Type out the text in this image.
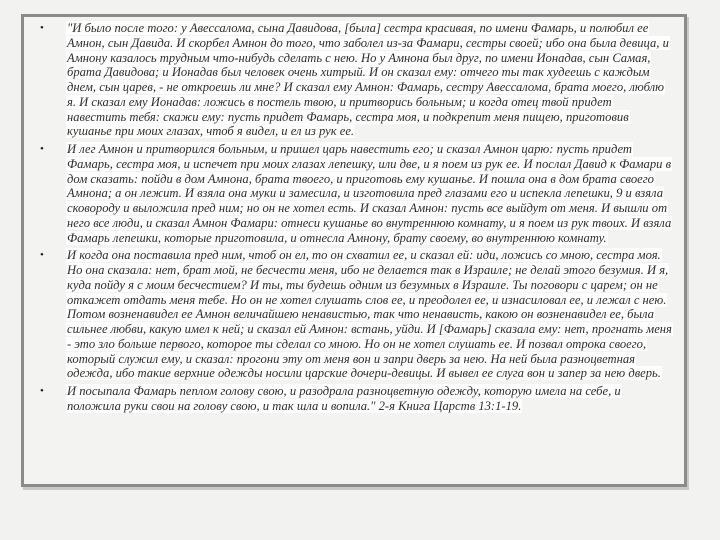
•	"И было после того: у Авессалома, сына Давидова, [была] сестра красивая, по имени Фамарь, и полюбил ее Амнон, сын Давида. И скорбел Амнон до того, что заболел из-за Фамари, сестры своей; ибо она была девица, и Амнону казалось трудным что-нибудь сделать с нею. Но у Амнона был друг, по имени Ионадав, сын Самая, брата Давидова; и Ионадав был человек очень хитрый. И он сказал ему: отчего ты так худеешь с каждым днем, сын царев, - не откроешь ли мне? И сказал ему Амнон: Фамарь, сестру Авессалома, брата моего, люблю я. И сказал ему Ионадав: ложись в постель твою, и притворись больным; и когда отец твой придет навестить тебя: скажи ему: пусть придет Фамарь, сестра моя, и подкрепит меня пищею, приготовив кушанье при моих глазах, чтоб я видел, и ел из рук ее.
•	И лег Амнон и притворился больным, и пришел царь навестить его; и сказал Амнон царю: пусть придет Фамарь, сестра моя, и испечет при моих глазах лепешку, или две, и я поем из рук ее. И послал Давид к Фамари в дом сказать: пойди в дом Амнона, брата твоего, и приготовь ему кушанье. И пошла она в дом брата своего Амнона; а он лежит. И взяла она муки и замесила, и изготовила пред глазами его и испекла лепешки, 9 и взяла сковороду и выложила пред ним; но он не хотел есть. И сказал Амнон: пусть все выйдут от меня. И вышли от него все люди, и сказал Амнон Фамари: отнеси кушанье во внутреннюю комнату, и я поем из рук твоих. И взяла Фамарь лепешки, которые приготовила, и отнесла Амнону, брату своему, во внутреннюю комнату.
•	И когда она поставила пред ним, чтоб он ел, то он схватил ее, и сказал ей: иди, ложись со мною, сестра моя. Но она сказала: нет, брат мой, не бесчести меня, ибо не делается так в Израиле; не делай этого безумия. И я, куда пойду я с моим бесчестием? И ты, ты будешь одним из безумных в Израиле. Ты поговори с царем; он не откажет отдать меня тебе. Но он не хотел слушать слов ее, и преодолел ее, и изнасиловал ее, и лежал с нею. Потом возненавидел ее Амнон величайшею ненавистью, так что ненависть, какою он возненавидел ее, была сильнее любви, какую имел к ней; и сказал ей Амнон: встань, уйди. И [Фамарь] сказала ему: нет, прогнать меня - это зло больше первого, которое ты сделал со мною. Но он не хотел слушать ее. И позвал отрока своего, который служил ему, и сказал: прогони эту от меня вон и запри дверь за нею. На ней была разноцветная одежда, ибо такие верхние одежды носили царские дочери-девицы. И вывел ее слуга вон и запер за нею дверь.
•	И посыпала Фамарь пеплом голову свою, и разодрала разноцветную одежду, которую имела на себе, и положила руки свои на голову свою, и так шла и вопила." 2-я Книга Царств 13:1-19.
